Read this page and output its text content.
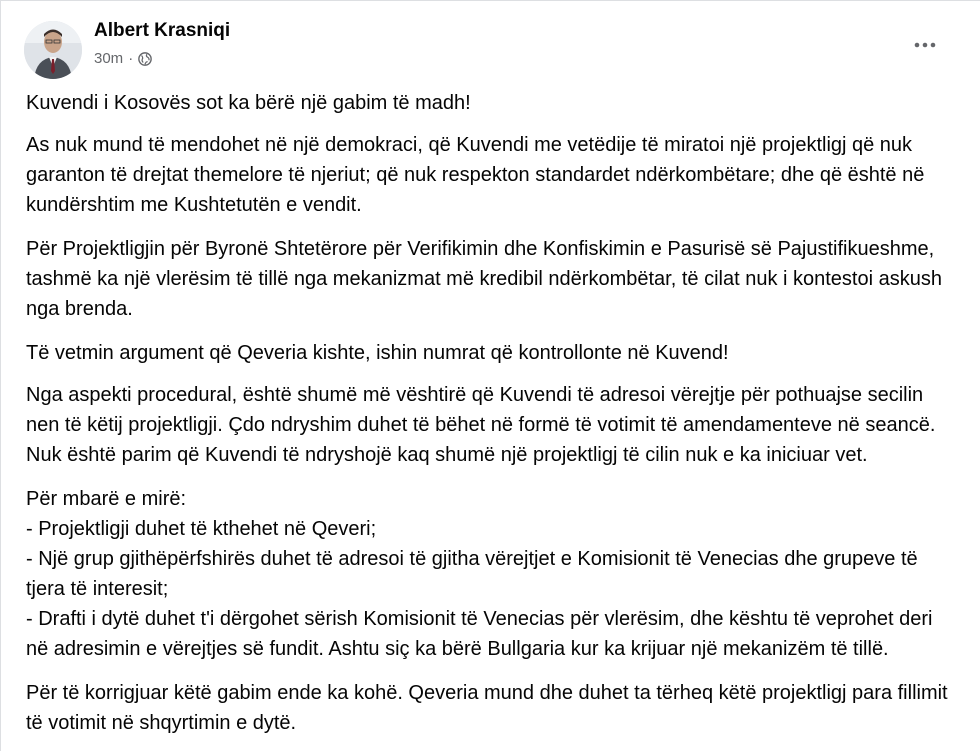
Albert Krasniqi
30m ·

Kuvendi i Kosovës sot ka bërë një gabim të madh!

As nuk mund të mendohet në një demokraci, që Kuvendi me vetëdije të miratoi një projektligj që nuk garanton të drejtat themelore të njeriut; që nuk respekton standardet ndërkombëtare; dhe që është në kundërshtim me Kushtetutën e vendit.

Për Projektligjin për Byronë Shtetërore për Verifikimin dhe Konfiskimin e Pasurisë së Pajustifikueshme, tashmë ka një vlerësim të tillë nga mekanizmat më kredibil ndërkombëtar, të cilat nuk i kontestoi askush nga brenda.

Të vetmin argument që Qeveria kishte, ishin numrat që kontrollonte në Kuvend!

Nga aspekti procedural, është shumë më vështirë që Kuvendi të adresoi vërejtje për pothuajse secilin nen të këtij projektligji. Çdo ndryshim duhet të bëhet në formë të votimit të amendamenteve në seancë. Nuk është parim që Kuvendi të ndryshojë kaq shumë një projektligj të cilin nuk e ka iniciuar vet.

Për mbarë e mirë:
- Projektligji duhet të kthehet në Qeveri;
- Një grup gjithëpërfshirës duhet të adresoi të gjitha vërejtjet e Komisionit të Venecias dhe grupeve të tjera të interesit;
- Drafti i dytë duhet t'i dërgohet sërish Komisionit të Venecias për vlerësim, dhe kështu të veprohet deri në adresimin e vërejtjes së fundit. Ashtu siç ka bërë Bullgaria kur ka krijuar një mekanizëm të tillë.

Për të korrigjuar këtë gabim ende ka kohë. Qeveria mund dhe duhet ta tërheq këtë projektligj para fillimit të votimit në shqyrtimin e dytë.
